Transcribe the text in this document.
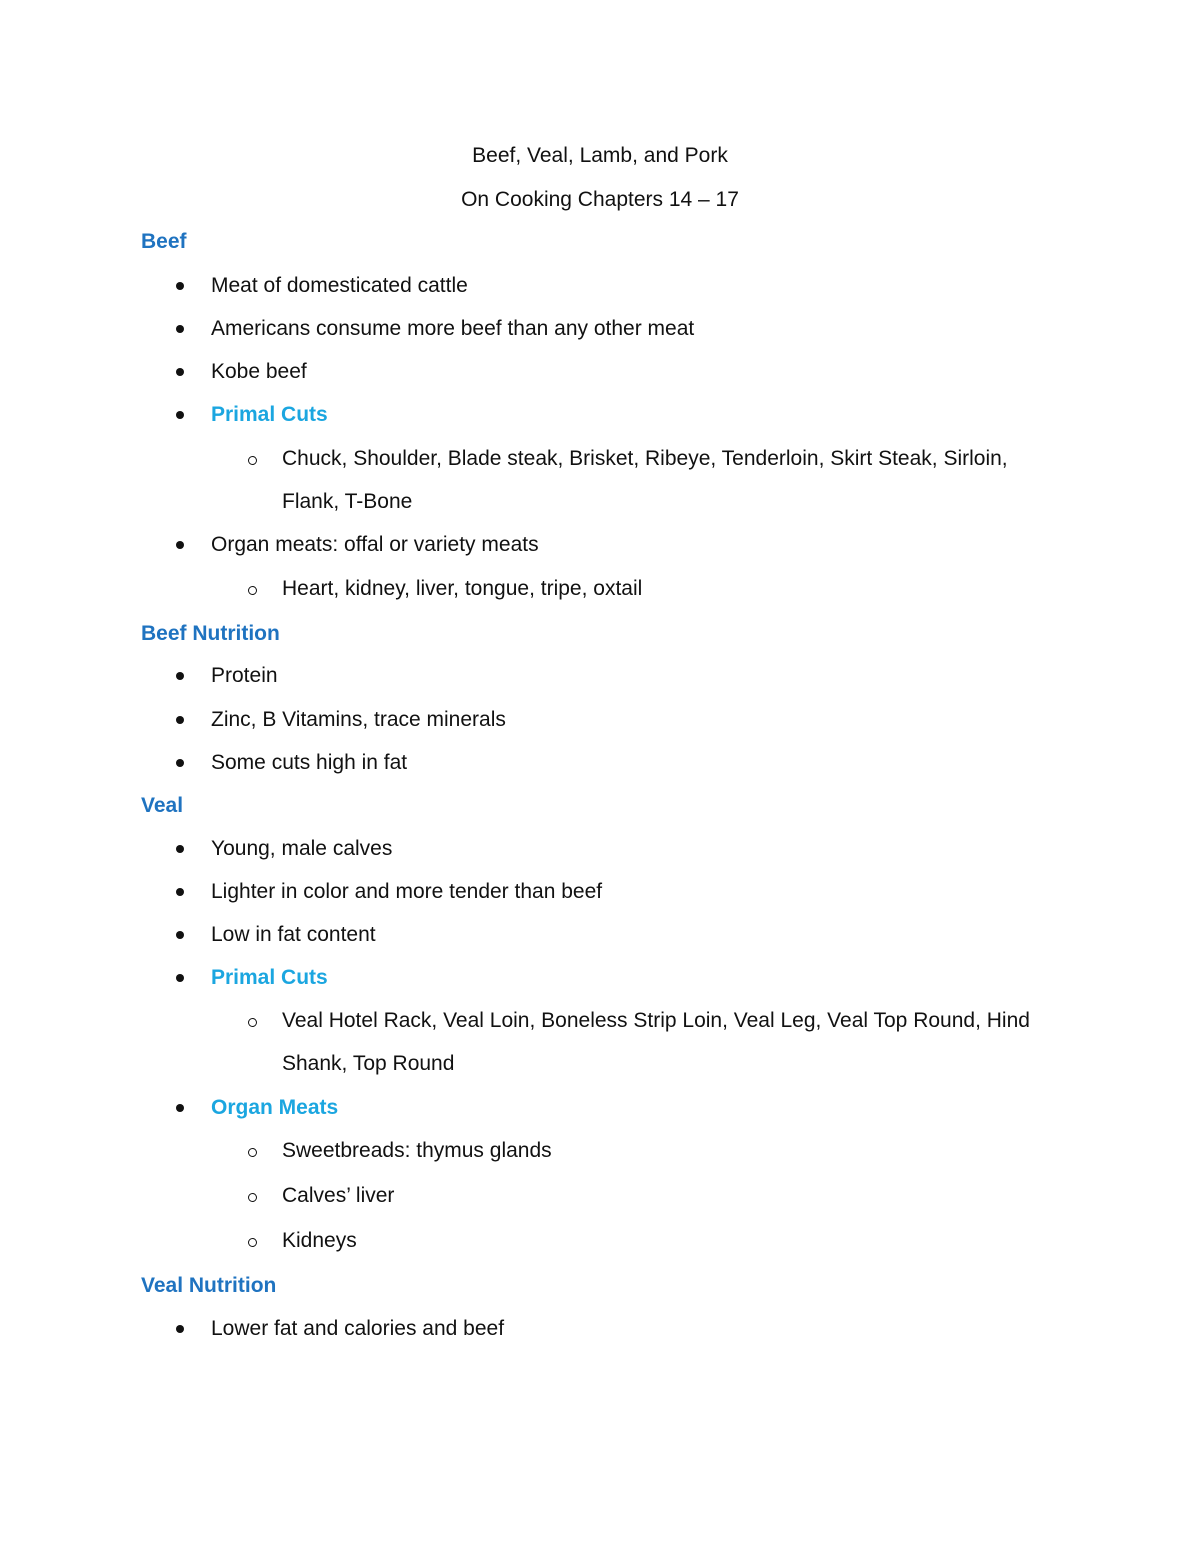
Beef, Veal, Lamb, and Pork
On Cooking Chapters 14 – 17
Beef
Meat of domesticated cattle
Americans consume more beef than any other meat
Kobe beef
Primal Cuts
Chuck, Shoulder, Blade steak, Brisket, Ribeye, Tenderloin, Skirt Steak, Sirloin,
Flank, T-Bone
Organ meats: offal or variety meats
Heart, kidney, liver, tongue, tripe, oxtail
Beef Nutrition
Protein
Zinc, B Vitamins, trace minerals
Some cuts high in fat
Veal
Young, male calves
Lighter in color and more tender than beef
Low in fat content
Primal Cuts
Veal Hotel Rack, Veal Loin, Boneless Strip Loin, Veal Leg, Veal Top Round, Hind
Shank, Top Round
Organ Meats
Sweetbreads: thymus glands
Calves’ liver
Kidneys
Veal Nutrition
Lower fat and calories and beef
